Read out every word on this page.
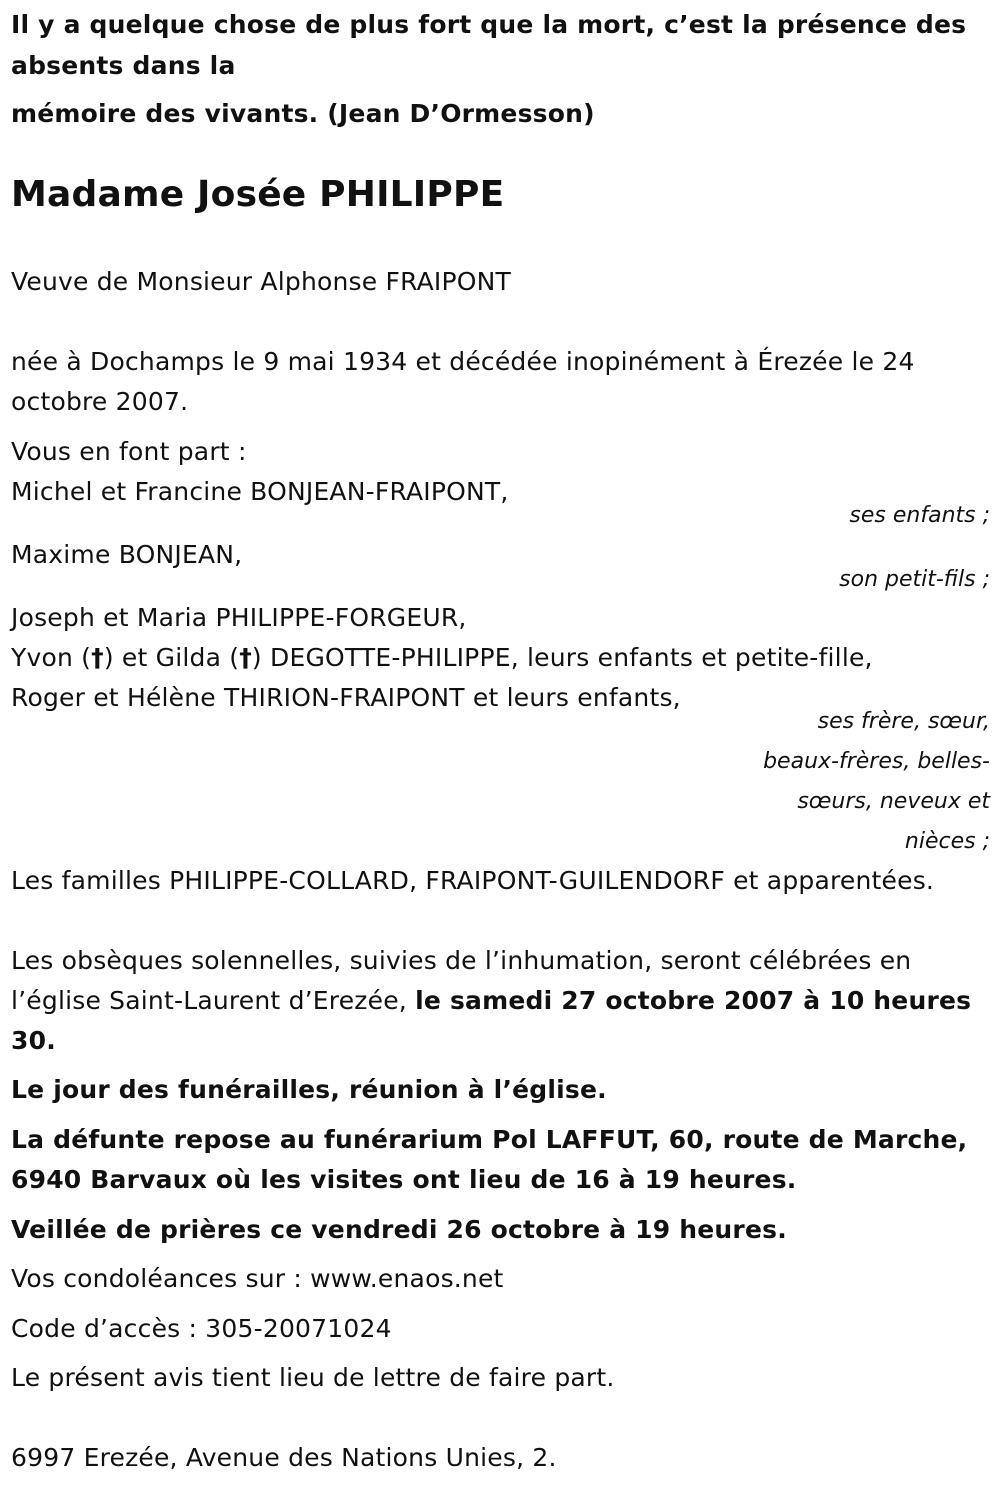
Il y a quelque chose de plus fort que la mort, c’est la présence des
absents dans la
mémoire des vivants. (Jean D’Ormesson)
Madame Josée PHILIPPE
Veuve de Monsieur Alphonse FRAIPONT
née à Dochamps le 9 mai 1934 et décédée inopinément à Érezée le 24
octobre 2007.
Vous en font part :
Michel et Francine BONJEAN-FRAIPONT,
ses enfants ;
Maxime BONJEAN,
son petit-fils ;
Joseph et Maria PHILIPPE-FORGEUR,
Yvon (†) et Gilda (†) DEGOTTE-PHILIPPE, leurs enfants et petite-fille,
Roger et Hélène THIRION-FRAIPONT et leurs enfants,
ses frère, sœur,
beaux-frères, belles-
sœurs, neveux et
nièces ;
Les familles PHILIPPE-COLLARD, FRAIPONT-GUILENDORF et apparentées.
Les obsèques solennelles, suivies de l’inhumation, seront célébrées en
l’église Saint-Laurent d’Erezée, le samedi 27 octobre 2007 à 10 heures
30.
Le jour des funérailles, réunion à l’église.
La défunte repose au funérarium Pol LAFFUT, 60, route de Marche,
6940 Barvaux où les visites ont lieu de 16 à 19 heures.
Veillée de prières ce vendredi 26 octobre à 19 heures.
Vos condoléances sur : www.enaos.net
Code d’accès : 305-20071024
Le présent avis tient lieu de lettre de faire part.
6997 Erezée, Avenue des Nations Unies, 2.
